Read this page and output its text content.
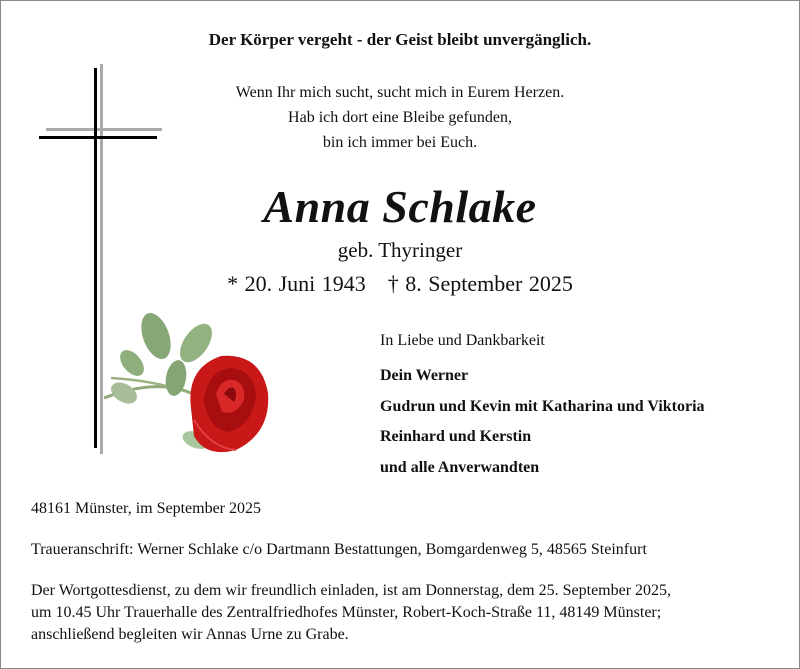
Der Körper vergeht - der Geist bleibt unvergänglich.
Wenn Ihr mich sucht, sucht mich in Eurem Herzen.
Hab ich dort eine Bleibe gefunden,
bin ich immer bei Euch.
Anna Schlake
geb. Thyringer
* 20. Juni 1943 † 8. September 2025
In Liebe und Dankbarkeit
Dein Werner
Gudrun und Kevin mit Katharina und Viktoria
Reinhard und Kerstin
und alle Anverwandten
48161 Münster, im September 2025
Traueranschrift: Werner Schlake c/o Dartmann Bestattungen, Bomgardenweg 5, 48565 Steinfurt
Der Wortgottesdienst, zu dem wir freundlich einladen, ist am Donnerstag, dem 25. September 2025,
um 10.45 Uhr Trauerhalle des Zentralfriedhofes Münster, Robert-Koch-Straße 11, 48149 Münster;
anschließend begleiten wir Annas Urne zu Grabe.
